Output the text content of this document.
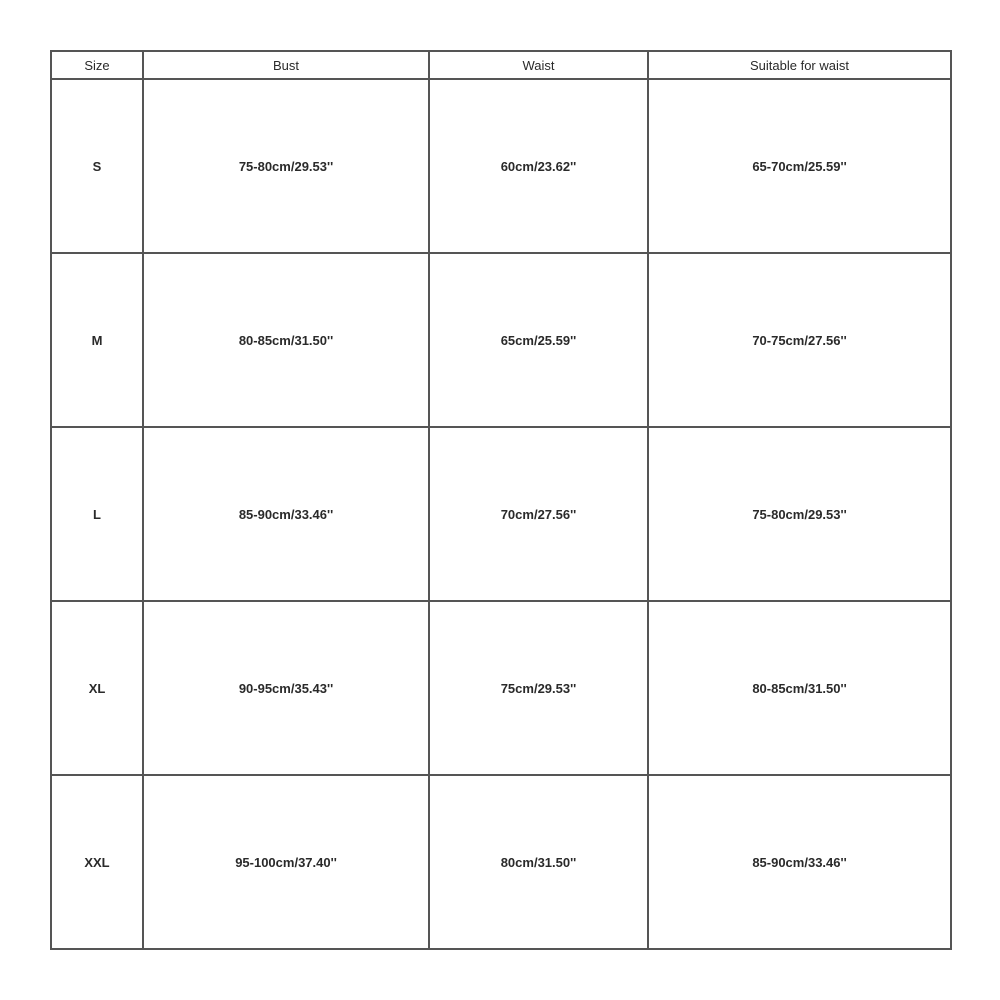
Size	Bust	Waist	Suitable for waist
S	75-80cm/29.53''	60cm/23.62''	65-70cm/25.59''
M	80-85cm/31.50''	65cm/25.59''	70-75cm/27.56''
L	85-90cm/33.46''	70cm/27.56''	75-80cm/29.53''
XL	90-95cm/35.43''	75cm/29.53''	80-85cm/31.50''
XXL	95-100cm/37.40''	80cm/31.50''	85-90cm/33.46''
